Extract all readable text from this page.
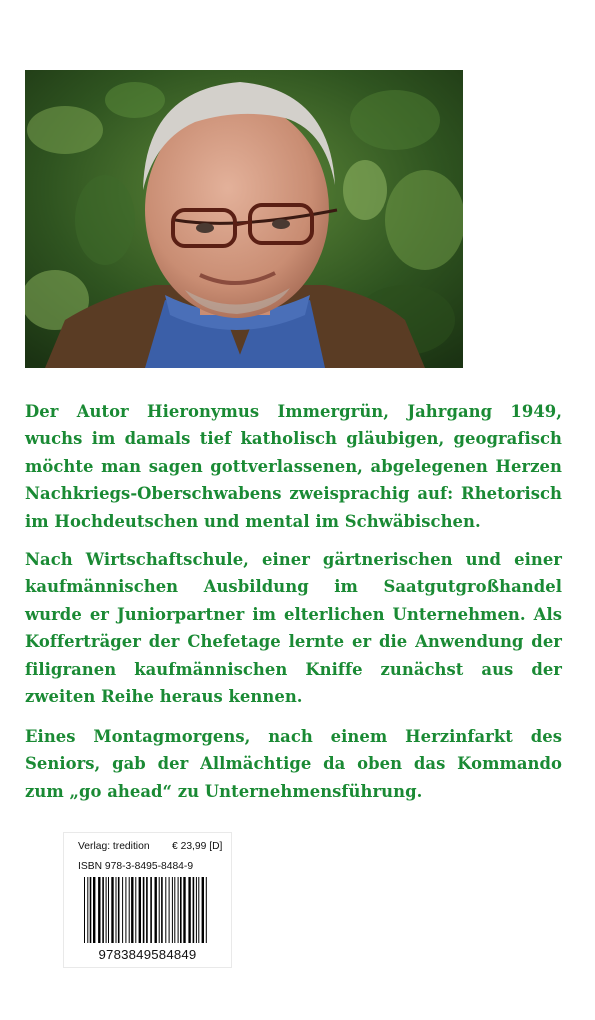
Der Autor Hieronymus Immergrün, Jahrgang 1949, wuchs im damals tief katholisch gläubigen, geografisch möchte man sagen gottverlassenen, abgelegenen Herzen Nachkriegs-Oberschwabens zweisprachig auf: Rhetorisch im Hochdeutschen und mental im Schwäbischen.

Nach Wirtschaftschule, einer gärtnerischen und einer kaufmännischen Ausbildung im Saatgutgroßhandel wurde er Juniorpartner im elterlichen Unternehmen. Als Kofferträger der Chefetage lernte er die Anwendung der filigranen kaufmännischen Kniffe zunächst aus der zweiten Reihe heraus kennen.

Eines Montagmorgens, nach einem Herzinfarkt des Seniors, gab der Allmächtige da oben das Kommando zum „go ahead“ zu Unternehmensführung.

Verlag: tredition € 23,99 [D]
ISBN 978-3-8495-8484-9
9783849584849
